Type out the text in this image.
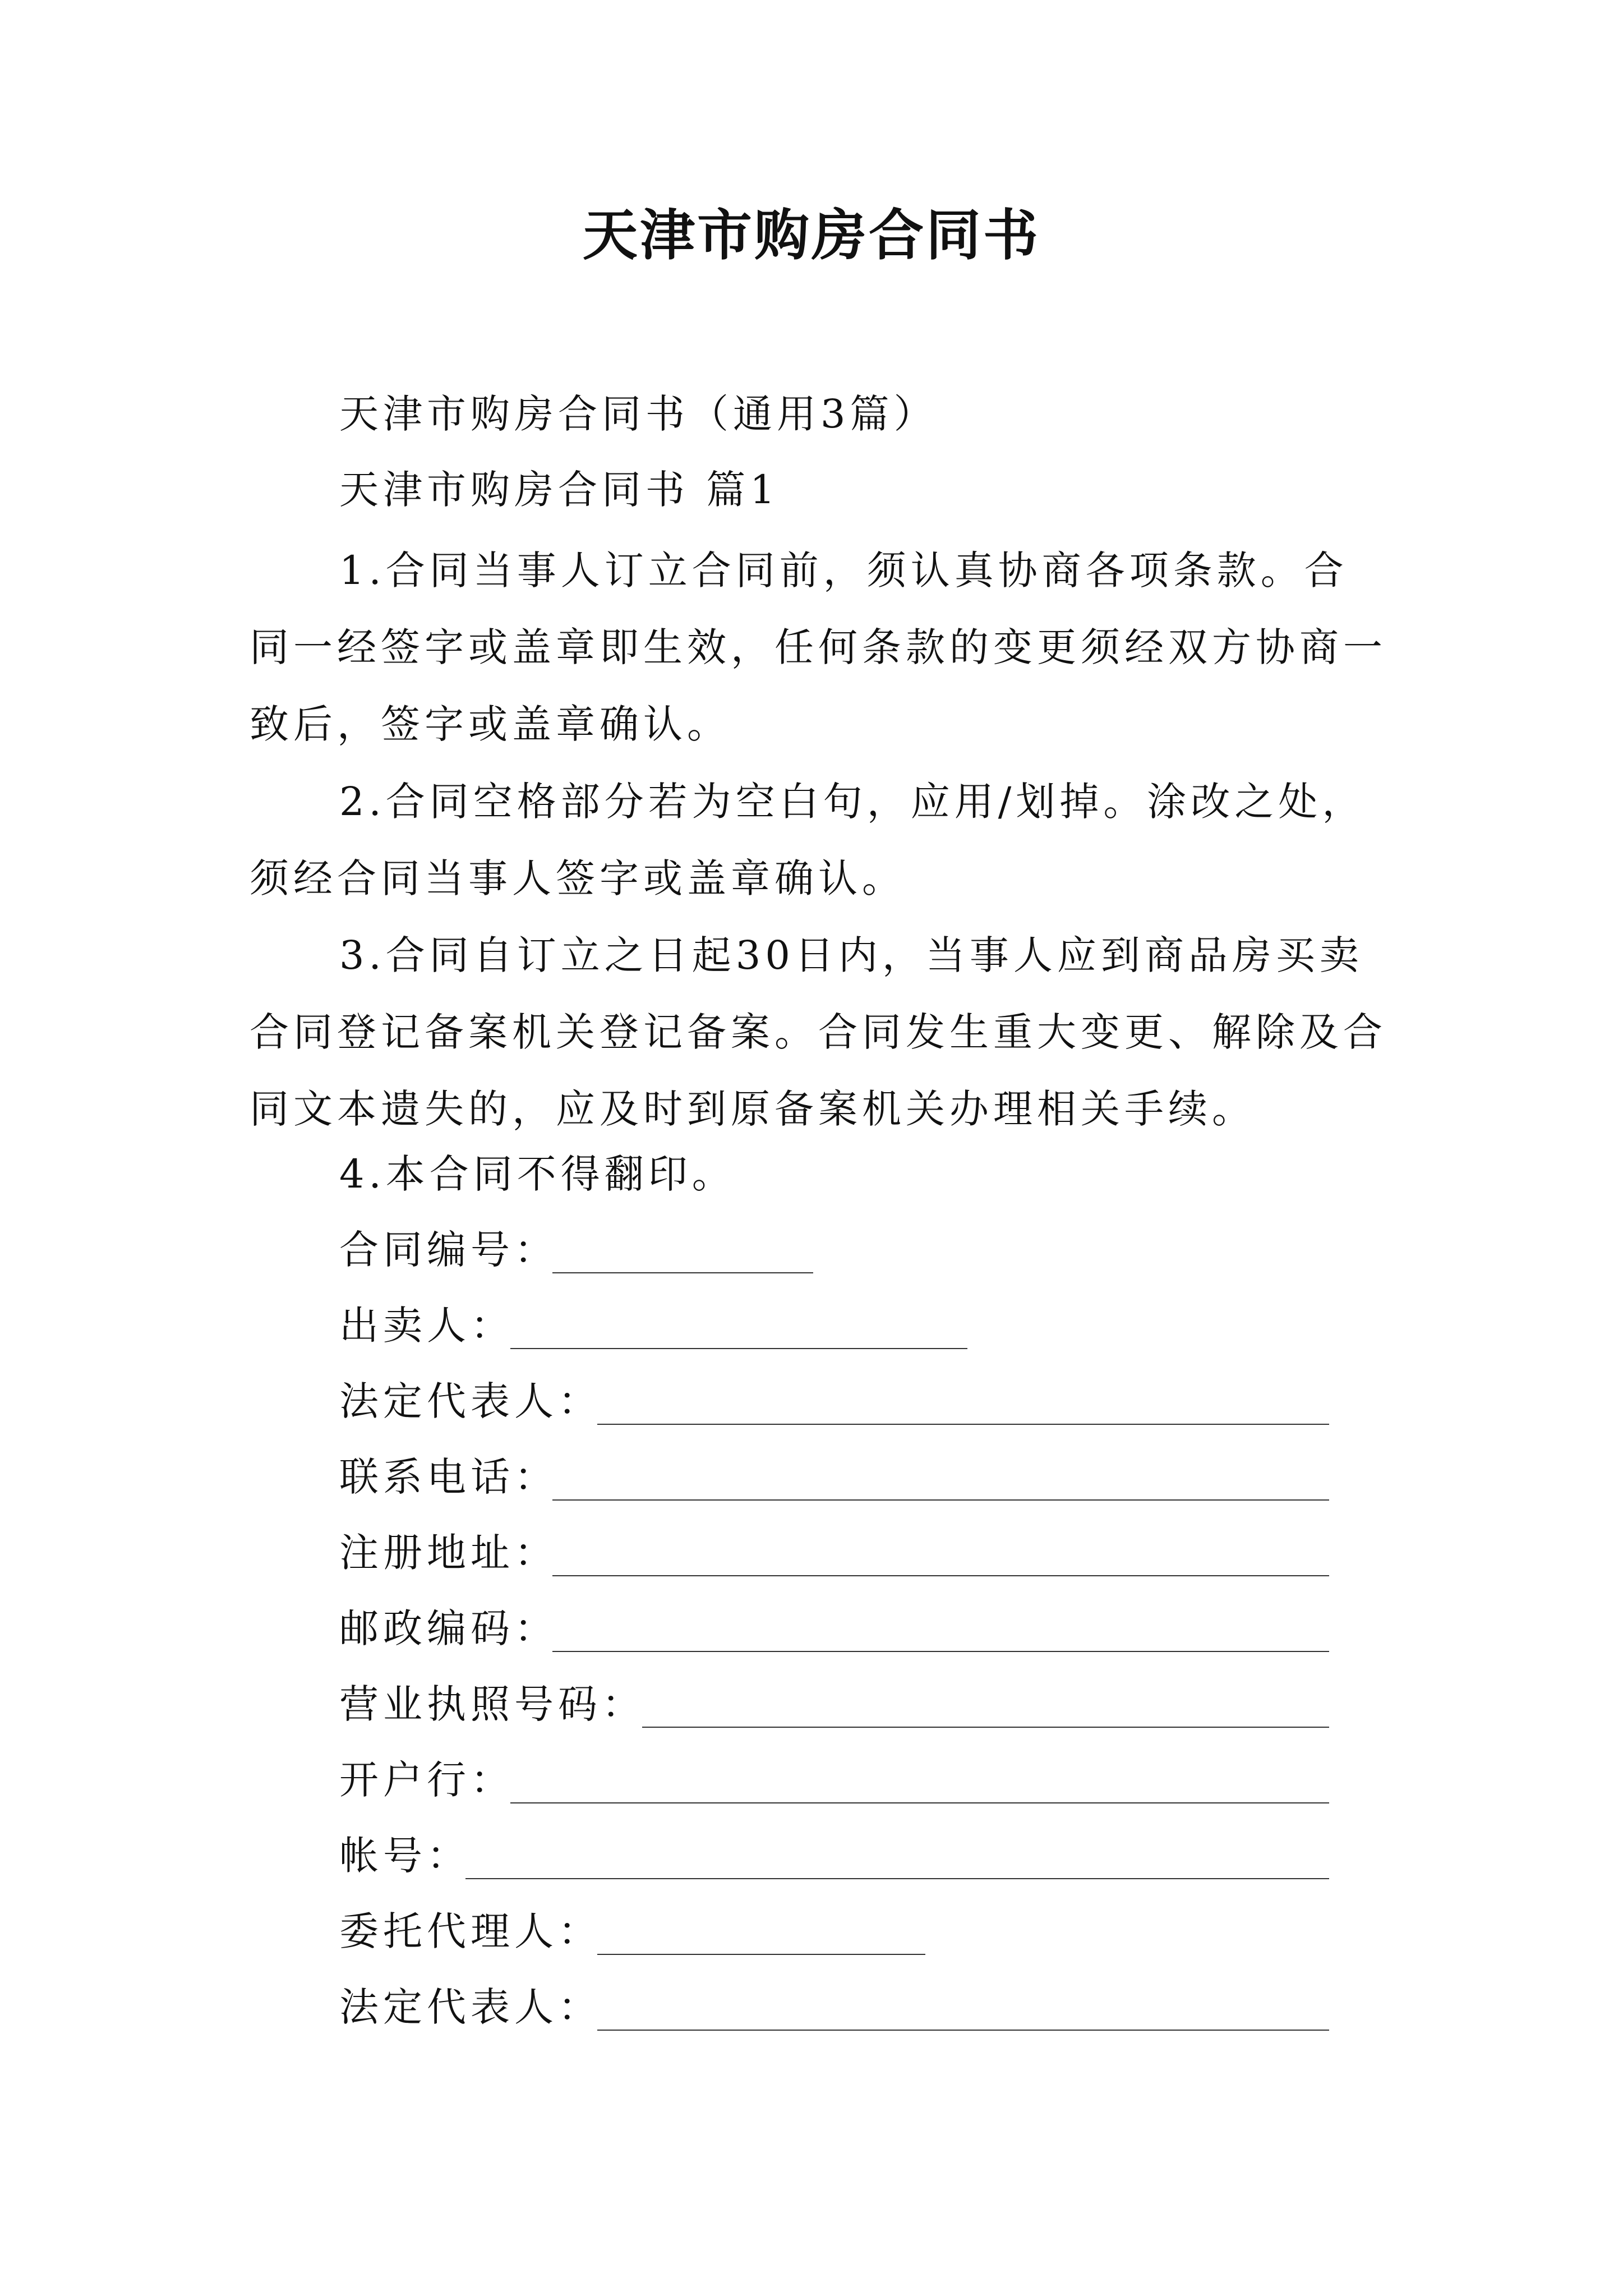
天津市购房合同书
天津市购房合同书（通用3篇）
天津市购房合同书 篇1
1.合同当事人订立合同前，须认真协商各项条款。合同一经签字或盖章即生效，任何条款的变更须经双方协商一致后，签字或盖章确认。
2.合同空格部分若为空白句，应用/划掉。涂改之处，须经合同当事人签字或盖章确认。
3.合同自订立之日起30日内，当事人应到商品房买卖合同登记备案机关登记备案。合同发生重大变更、解除及合同文本遗失的，应及时到原备案机关办理相关手续。
4.本合同不得翻印。
合同编号：
出卖人：
法定代表人：
联系电话：
注册地址：
邮政编码：
营业执照号码：
开户行：
帐号：
委托代理人：
法定代表人：
